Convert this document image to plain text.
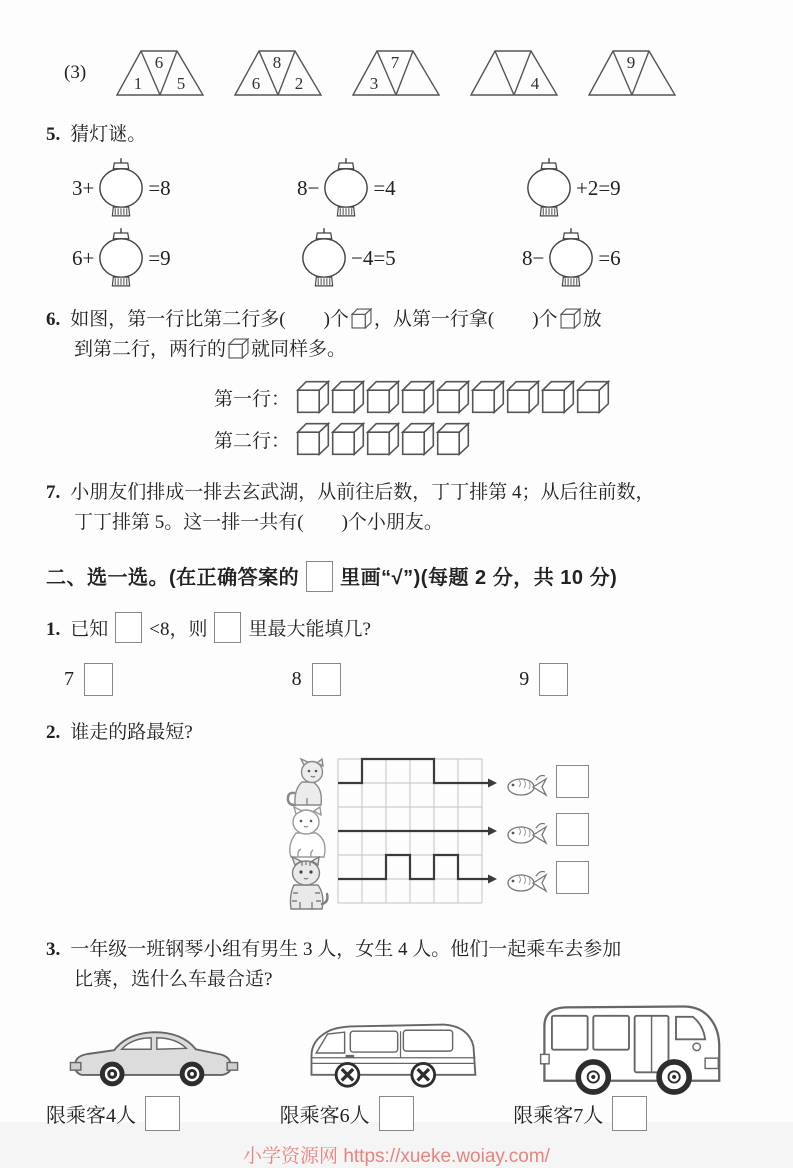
(3)
1
6
5	6
8
2	3
7
4
9
5. 猜灯谜。
3+	=8	8−	=4	+2=9
6+	=9	−4=5	8−	=6
6. 如图，第一行比第二行多(　　)个 ，从第一行拿(　　)个 放
到第二行，两行的 就同样多。
第一行：
第二行：
7. 小朋友们排成一排去玄武湖，从前往后数，丁丁排第 4；从后往前数，
丁丁排第 5。这一排一共有(　　)个小朋友。
二、选一选。(在正确答案的 里画“√”)(每题 2 分，共 10 分)
1. 已知 <8，则 里最大能填几?
7	8	9
2. 谁走的路最短?
3. 一年级一班钢琴小组有男生 3 人，女生 4 人。他们一起乘车去参加
比赛，选什么车最合适?
限乘客4人	限乘客6人	限乘客7人
小学资源网 https://xueke.woiay.com/
